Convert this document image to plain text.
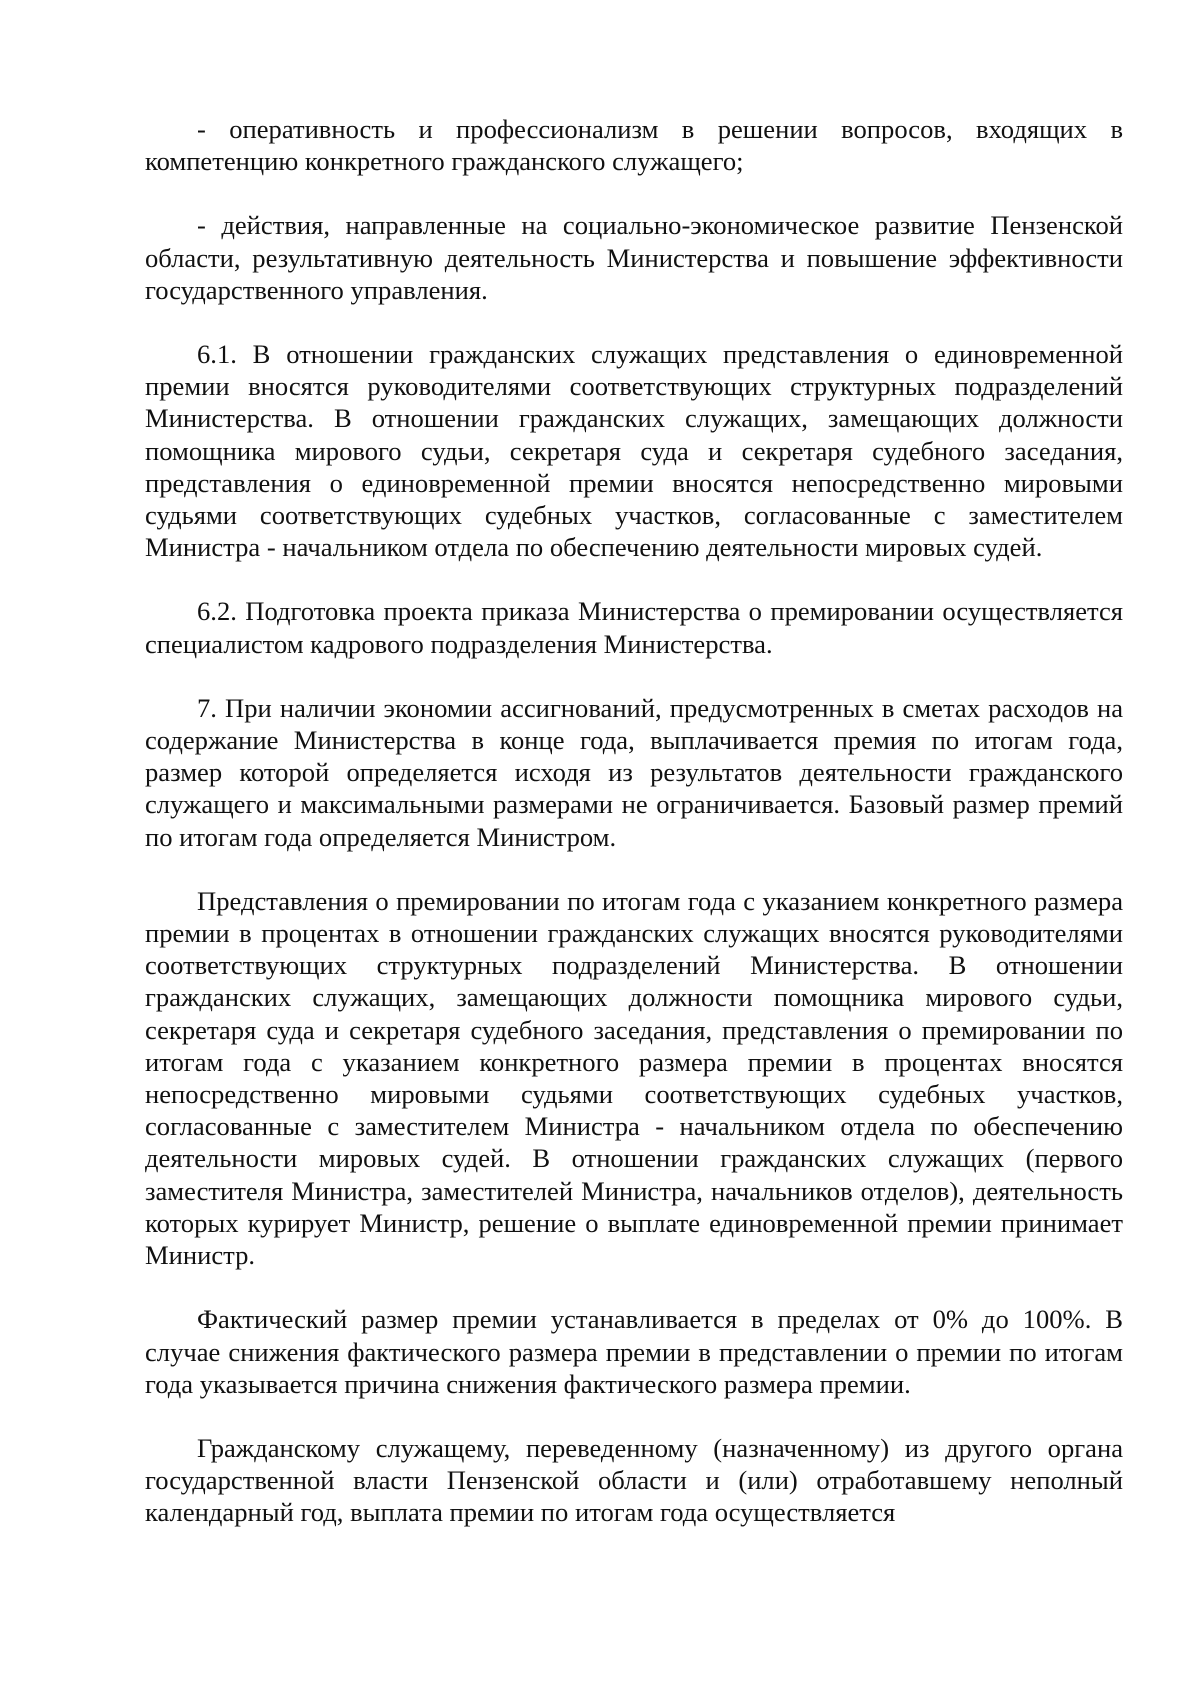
- оперативность и профессионализм в решении вопросов, входящих в компетенцию конкретного гражданского служащего;

- действия, направленные на социально-экономическое развитие Пензенской области, результативную деятельность Министерства и повышение эффективности государственного управления.

6.1. В отношении гражданских служащих представления о единовременной премии вносятся руководителями соответствующих структурных подразделений Министерства. В отношении гражданских служащих, замещающих должности помощника мирового судьи, секретаря суда и секретаря судебного заседания, представления о единовременной премии вносятся непосредственно мировыми судьями соответствующих судебных участков, согласованные с заместителем Министра - начальником отдела по обеспечению деятельности мировых судей.

6.2. Подготовка проекта приказа Министерства о премировании осуществляется специалистом кадрового подразделения Министерства.

7. При наличии экономии ассигнований, предусмотренных в сметах расходов на содержание Министерства в конце года, выплачивается премия по итогам года, размер которой определяется исходя из результатов деятельности гражданского служащего и максимальными размерами не ограничивается. Базовый размер премий по итогам года определяется Министром.

Представления о премировании по итогам года с указанием конкретного размера премии в процентах в отношении гражданских служащих вносятся руководителями соответствующих структурных подразделений Министерства. В отношении гражданских служащих, замещающих должности помощника мирового судьи, секретаря суда и секретаря судебного заседания, представления о премировании по итогам года с указанием конкретного размера премии в процентах вносятся непосредственно мировыми судьями соответствующих судебных участков, согласованные с заместителем Министра - начальником отдела по обеспечению деятельности мировых судей. В отношении гражданских служащих (первого заместителя Министра, заместителей Министра, начальников отделов), деятельность которых курирует Министр, решение о выплате единовременной премии принимает Министр.

Фактический размер премии устанавливается в пределах от 0% до 100%. В случае снижения фактического размера премии в представлении о премии по итогам года указывается причина снижения фактического размера премии.

Гражданскому служащему, переведенному (назначенному) из другого органа государственной власти Пензенской области и (или) отработавшему неполный календарный год, выплата премии по итогам года осуществляется
